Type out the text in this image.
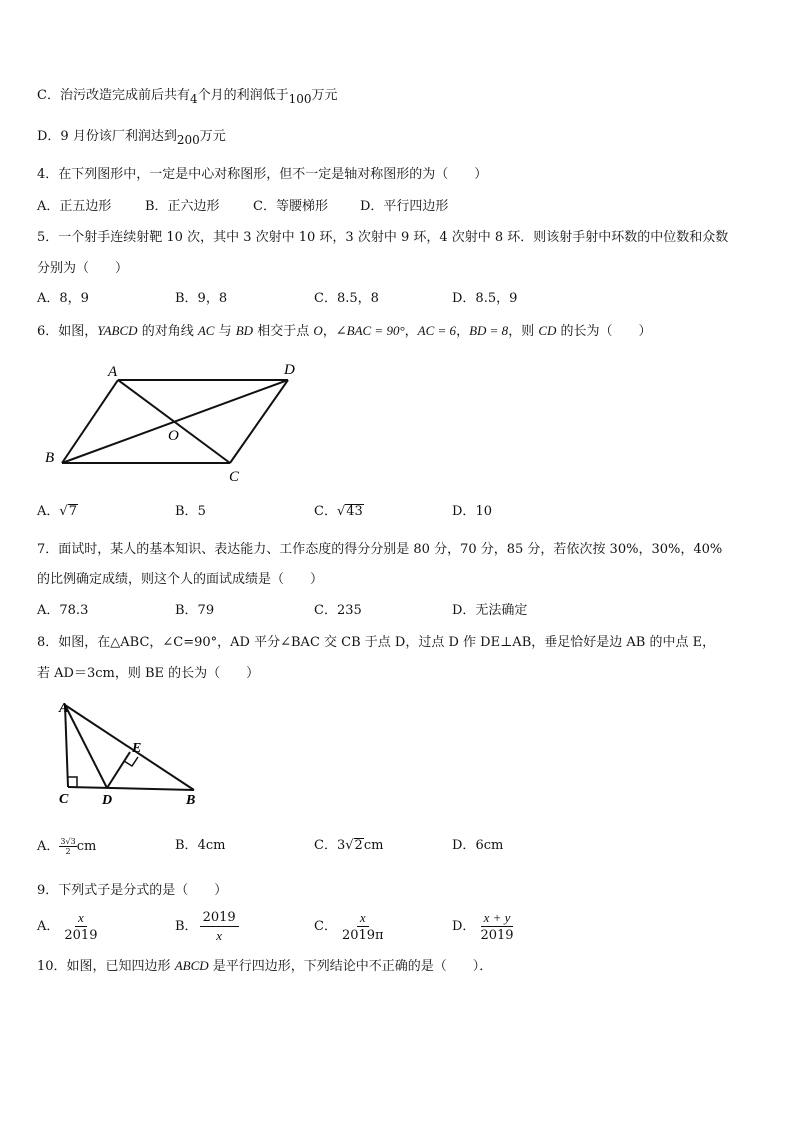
C．治污改造完成前后共有4个月的利润低于100万元
D．9 月份该厂利润达到200万元
4．在下列图形中，一定是中心对称图形，但不一定是轴对称图形的为（　　）
A．正五边形	B．正六边形	C．等腰梯形 D．平行四边形
5．一个射手连续射靶 10 次，其中 3 次射中 10 环，3 次射中 9 环，4 次射中 8 环．则该射手射中环数的中位数和众数
分别为（　　）
A．8，9	B．9，8	C．8.5，8	D．8.5，9
6．如图，YABCD 的对角线 AC 与 BD 相交于点 O，∠BAC = 90°，AC = 6，BD = 8，则 CD 的长为（　　）
A	D
B
C
O
A．√7	B．5	C．√43	D．10
7．面试时，某人的基本知识、表达能力、工作态度的得分分别是 80 分，70 分，85 分，若依次按 30%，30%，40%
的比例确定成绩，则这个人的面试成绩是（　　）
A．78.3	B．79	C．235	D．无法确定
8．如图，在△ABC，∠C=90°，AD 平分∠BAC 交 CB 于点 D，过点 D 作 DE⊥AB，垂足恰好是边 AB 的中点 E，
若 AD＝3cm，则 BE 的长为（　　）
A
E
C D	B
A． $\frac{3√3}{2}$ cm	B．4cm	C．3√2cm	D．6cm
9．下列式子是分式的是（　　）
A． $\frac{x}{2019}$	B． $\frac{2019}{x}$	C． $\frac{x}{2019\pi}$	D． $\frac{x + y}{2019}$
10．如图，已知四边形 ABCD 是平行四边形，下列结论中不正确的是（　　）．
